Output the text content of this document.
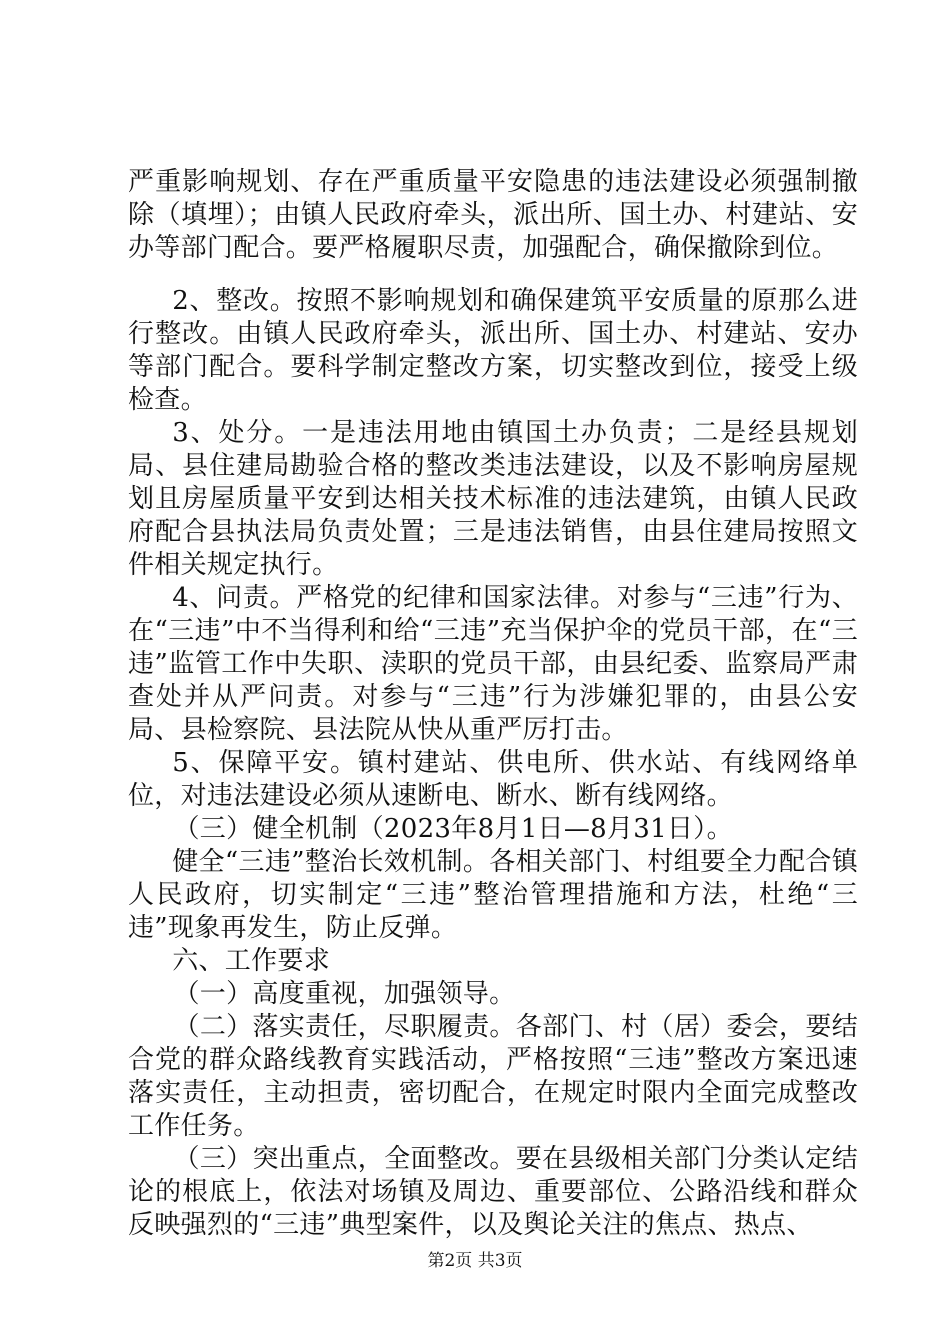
严重影响规划、存在严重质量平安隐患的违法建设必须强制撤除（填埋）；由镇人民政府牵头，派出所、国土办、村建站、安办等部门配合。要严格履职尽责，加强配合，确保撤除到位。

2、整改。按照不影响规划和确保建筑平安质量的原那么进行整改。由镇人民政府牵头，派出所、国土办、村建站、安办等部门配合。要科学制定整改方案，切实整改到位，接受上级检查。

3、处分。一是违法用地由镇国土办负责；二是经县规划局、县住建局勘验合格的整改类违法建设，以及不影响房屋规划且房屋质量平安到达相关技术标准的违法建筑，由镇人民政府配合县执法局负责处置；三是违法销售，由县住建局按照文件相关规定执行。

4、问责。严格党的纪律和国家法律。对参与“三违”行为、在“三违”中不当得利和给“三违”充当保护伞的党员干部，在“三违”监管工作中失职、渎职的党员干部，由县纪委、监察局严肃查处并从严问责。对参与“三违”行为涉嫌犯罪的，由县公安局、县检察院、县法院从快从重严厉打击。

5、保障平安。镇村建站、供电所、供水站、有线网络单位，对违法建设必须从速断电、断水、断有线网络。

（三）健全机制（2023年8月1日—8月31日）。

健全“三违”整治长效机制。各相关部门、村组要全力配合镇人民政府，切实制定“三违”整治管理措施和方法，杜绝“三违”现象再发生，防止反弹。

六、工作要求

（一）高度重视，加强领导。

（二）落实责任，尽职履责。各部门、村（居）委会，要结合党的群众路线教育实践活动，严格按照“三违”整改方案迅速落实责任，主动担责，密切配合，在规定时限内全面完成整改工作任务。

（三）突出重点，全面整改。要在县级相关部门分类认定结论的根底上，依法对场镇及周边、重要部位、公路沿线和群众反映强烈的“三违”典型案件，以及舆论关注的焦点、热点、

第2页 共3页
